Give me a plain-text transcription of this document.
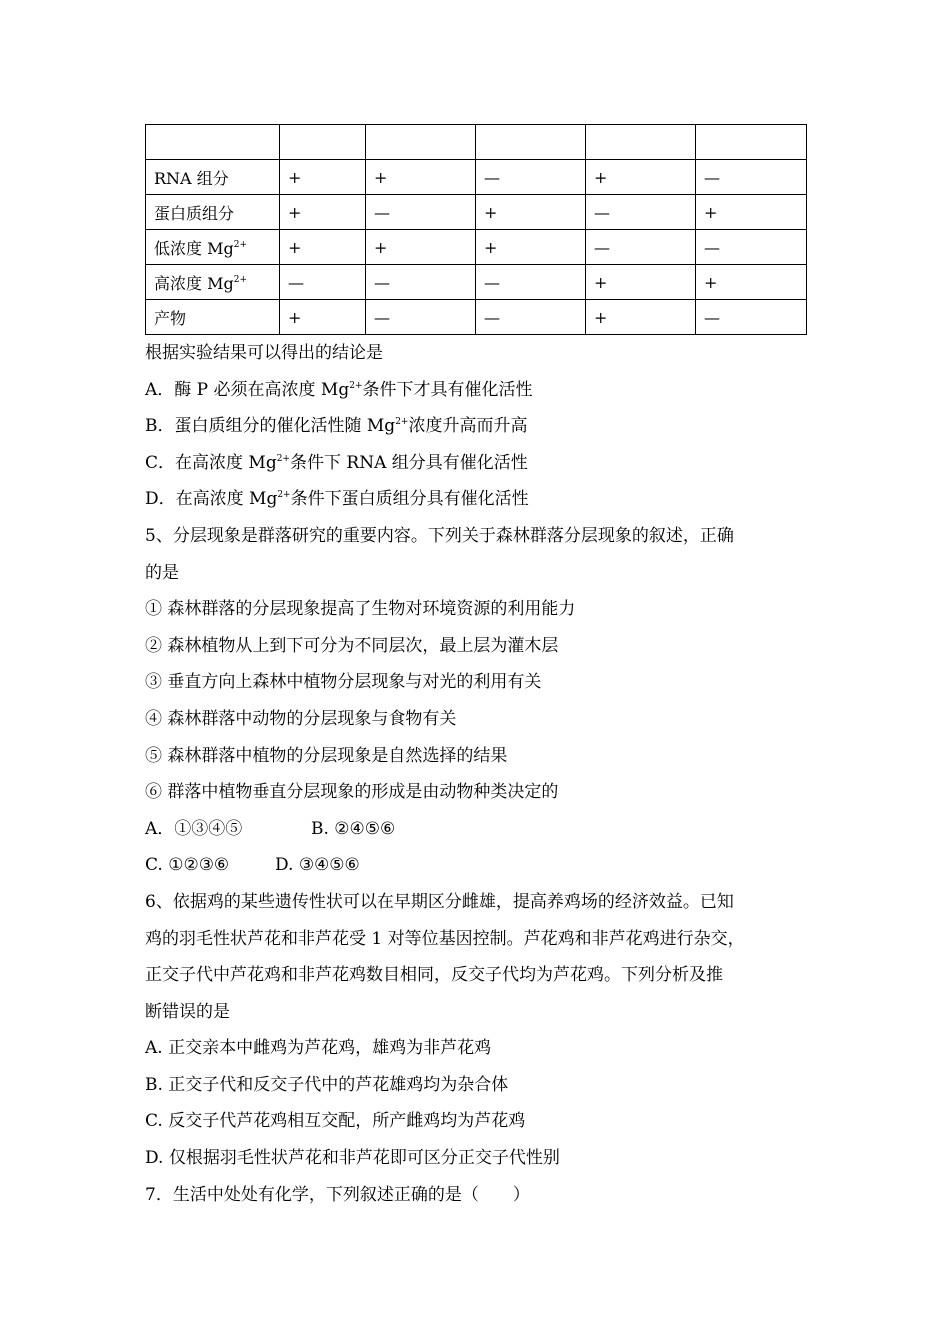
RNA 组分	+	+	—	+	—
蛋白质组分	+	—	+	—	+
低浓度 $Mg^{2+}$	+	+	+	—	—
高浓度 $Mg^{2+}$	—	—	—	+	+
产物	+	—	—	+	—
根据实验结果可以得出的结论是
A．酶 P 必须在高浓度 $Mg^{2+}$条件下才具有催化活性
B．蛋白质组分的催化活性随 $Mg^{2+}$浓度升高而升高
C．在高浓度 $Mg^{2+}$条件下 RNA 组分具有催化活性
D．在高浓度 $Mg^{2+}$条件下蛋白质组分具有催化活性
5、分层现象是群落研究的重要内容。下列关于森林群落分层现象的叙述，正确
的是
① 森林群落的分层现象提高了生物对环境资源的利用能力
② 森林植物从上到下可分为不同层次，最上层为灌木层
③ 垂直方向上森林中植物分层现象与对光的利用有关
④ 森林群落中动物的分层现象与食物有关
⑤ 森林群落中植物的分层现象是自然选择的结果
⑥ 群落中植物垂直分层现象的形成是由动物种类决定的
A．①③④⑤	B. ②④⑤⑥
C. ①②③⑥	D. ③④⑤⑥
6、依据鸡的某些遗传性状可以在早期区分雌雄，提高养鸡场的经济效益。已知
鸡的羽毛性状芦花和非芦花受 1 对等位基因控制。芦花鸡和非芦花鸡进行杂交，
正交子代中芦花鸡和非芦花鸡数目相同，反交子代均为芦花鸡。下列分析及推
断错误的是
A. 正交亲本中雌鸡为芦花鸡，雄鸡为非芦花鸡
B. 正交子代和反交子代中的芦花雄鸡均为杂合体
C. 反交子代芦花鸡相互交配，所产雌鸡均为芦花鸡
D. 仅根据羽毛性状芦花和非芦花即可区分正交子代性别
7．生活中处处有化学，下列叙述正确的是（　　）
